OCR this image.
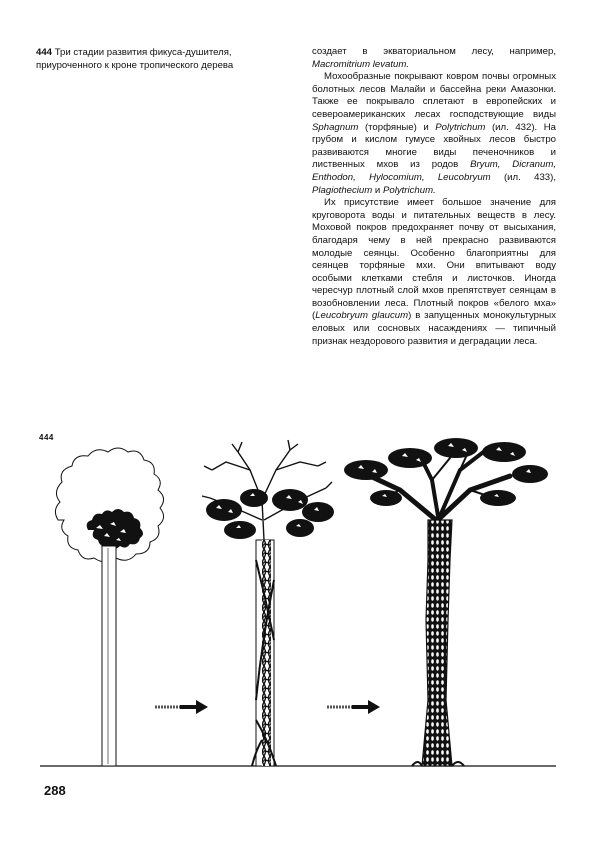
444 Три стадии развития фикуса-душителя, приуроченного к кроне тропического дерева

создает в экваториальном лесу, например, Macromitrium levatum.

Мохообразные покрывают ковром почвы огромных болотных лесов Малайи и бассейна реки Амазонки. Также ее покрывало сплетают в европейских и североамериканских лесах господствующие виды Sphagnum (торфяные) и Polytrichum (ил. 432). На грубом и кислом гумусе хвойных лесов быстро развиваются многие виды печеночников и лиственных мхов из родов Bryum, Dicranum, Enthodon, Hylocomium, Leucobryum (ил. 433), Plagiothecium и Polytrichum.

Их присутствие имеет большое значение для круговорота воды и питательных веществ в лесу. Моховой покров предохраняет почву от высыхания, благодаря чему в ней прекрасно развиваются молодые сеянцы. Особенно благоприятны для сеянцев торфяные мхи. Они впитывают воду особыми клетками стебля и листочков. Иногда чересчур плотный слой мхов препятствует сеянцам в возобновлении леса. Плотный покров «белого мха» (Leucobryum glaucum) в запущенных монокультурных еловых или сосновых насаждениях — типичный признак нездорового развития и деградации леса.

444
288
